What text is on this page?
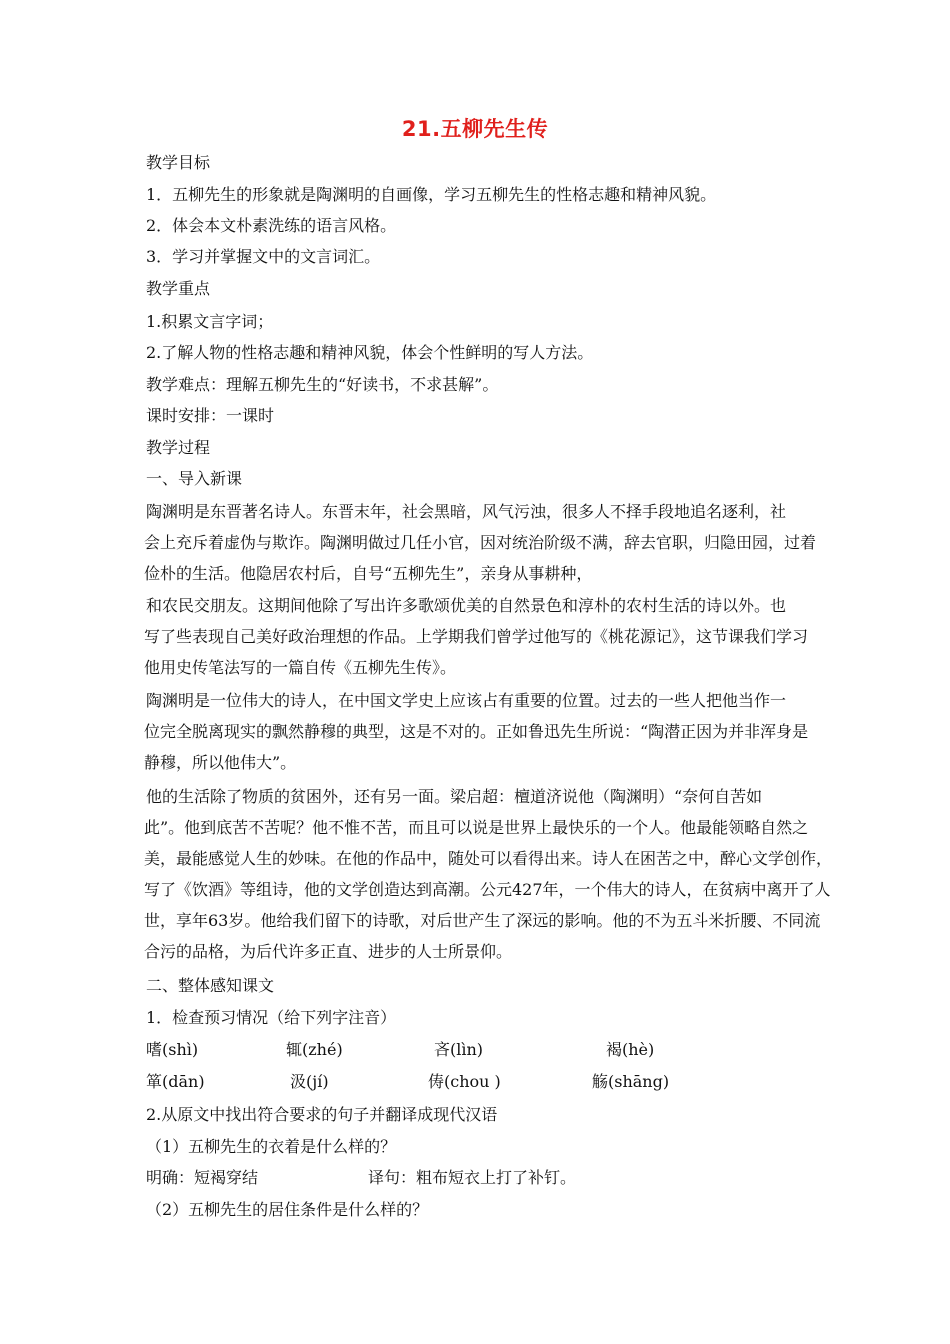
21.五柳先生传
教学目标
1．五柳先生的形象就是陶渊明的自画像，学习五柳先生的性格志趣和精神风貌。
2．体会本文朴素洗练的语言风格。
3．学习并掌握文中的文言词汇。
教学重点
1.积累文言字词；
2.了解人物的性格志趣和精神风貌，体会个性鲜明的写人方法。
教学难点：理解五柳先生的“好读书，不求甚解”。
课时安排：一课时
教学过程
一、导入新课
陶渊明是东晋著名诗人。东晋末年，社会黑暗，风气污浊，很多人不择手段地追名逐利，社
会上充斥着虚伪与欺诈。陶渊明做过几任小官，因对统治阶级不满，辞去官职，归隐田园，过着
俭朴的生活。他隐居农村后，自号“五柳先生”，亲身从事耕种，
和农民交朋友。这期间他除了写出许多歌颂优美的自然景色和淳朴的农村生活的诗以外。也
写了些表现自己美好政治理想的作品。上学期我们曾学过他写的《桃花源记》，这节课我们学习
他用史传笔法写的一篇自传《五柳先生传》。
陶渊明是一位伟大的诗人，在中国文学史上应该占有重要的位置。过去的一些人把他当作一
位完全脱离现实的飘然静穆的典型，这是不对的。正如鲁迅先生所说：“陶潜正因为并非浑身是
静穆，所以他伟大”。
他的生活除了物质的贫困外，还有另一面。梁启超：檀道济说他（陶渊明）“奈何自苦如
此”。他到底苦不苦呢？他不惟不苦，而且可以说是世界上最快乐的一个人。他最能领略自然之
美，最能感觉人生的妙味。在他的作品中，随处可以看得出来。诗人在困苦之中，醉心文学创作，
写了《饮酒》等组诗，他的文学创造达到高潮。公元427年，一个伟大的诗人，在贫病中离开了人
世，享年63岁。他给我们留下的诗歌，对后世产生了深远的影响。他的不为五斗米折腰、不同流
合污的品格，为后代许多正直、进步的人士所景仰。
二、整体感知课文
1．检查预习情况（给下列字注音）
嗜(shì)	辄(zhé)	吝(lìn)	褐(hè)
箪(dān)	汲(jí)	俦(chou )	觞(shāng)
2.从原文中找出符合要求的句子并翻译成现代汉语
（1）五柳先生的衣着是什么样的？
明确：短褐穿结	译句：粗布短衣上打了补钉。
（2）五柳先生的居住条件是什么样的？
